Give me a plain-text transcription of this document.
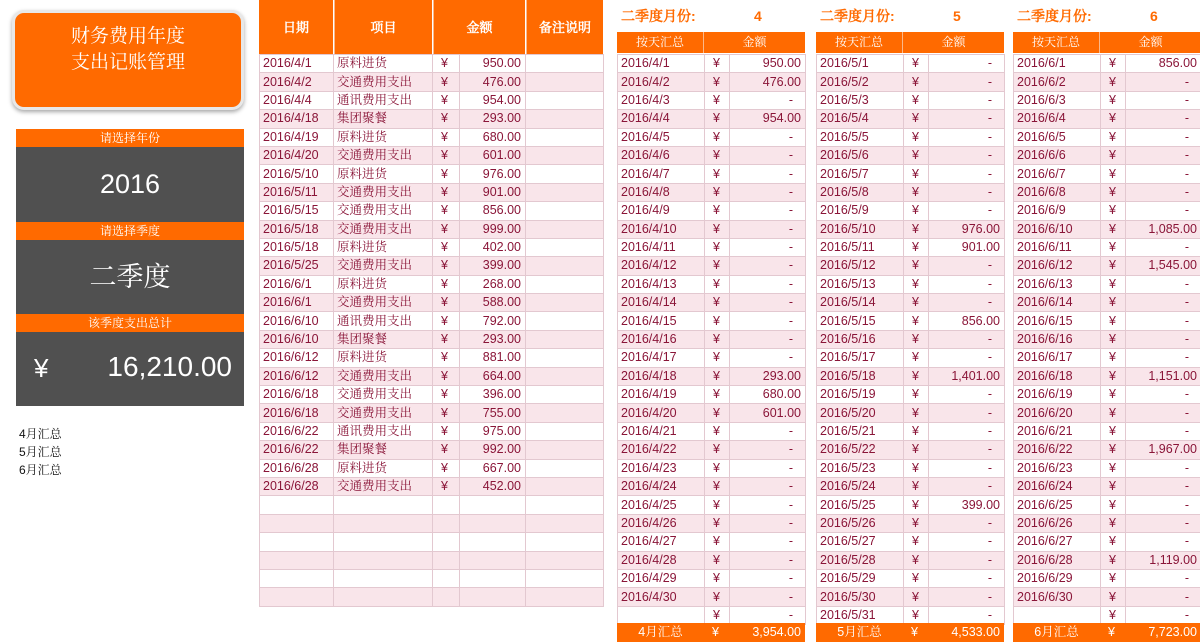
财务费用年度
支出记账管理
请选择年份
2016
请选择季度
二季度
该季度支出总计
¥ 16,210.00
4月汇总
5月汇总
6月汇总
日期	项目	金额	备注说明
2016/4/1	原料进货	¥	950.00	
2016/4/2	交通费用支出	¥	476.00	
2016/4/4	通讯费用支出	¥	954.00	
2016/4/18	集团聚餐	¥	293.00	
2016/4/19	原料进货	¥	680.00	
2016/4/20	交通费用支出	¥	601.00	
2016/5/10	原料进货	¥	976.00	
2016/5/11	交通费用支出	¥	901.00	
2016/5/15	交通费用支出	¥	856.00	
2016/5/18	交通费用支出	¥	999.00	
2016/5/18	原料进货	¥	402.00	
2016/5/25	交通费用支出	¥	399.00	
2016/6/1	原料进货	¥	268.00	
2016/6/1	交通费用支出	¥	588.00	
2016/6/10	通讯费用支出	¥	792.00	
2016/6/10	集团聚餐	¥	293.00	
2016/6/12	原料进货	¥	881.00	
2016/6/12	交通费用支出	¥	664.00	
2016/6/18	交通费用支出	¥	396.00	
2016/6/18	交通费用支出	¥	755.00	
2016/6/22	通讯费用支出	¥	975.00	
2016/6/22	集团聚餐	¥	992.00	
2016/6/28	原料进货	¥	667.00	
2016/6/28	交通费用支出	¥	452.00	

二季度月份:	4
按天汇总	金额
2016/4/1	¥	950.00
2016/4/2	¥	476.00
2016/4/3	¥	-
2016/4/4	¥	954.00
2016/4/5	¥	-
2016/4/6	¥	-
2016/4/7	¥	-
2016/4/8	¥	-
2016/4/9	¥	-
2016/4/10	¥	-
2016/4/11	¥	-
2016/4/12	¥	-
2016/4/13	¥	-
2016/4/14	¥	-
2016/4/15	¥	-
2016/4/16	¥	-
2016/4/17	¥	-
2016/4/18	¥	293.00
2016/4/19	¥	680.00
2016/4/20	¥	601.00
2016/4/21	¥	-
2016/4/22	¥	-
2016/4/23	¥	-
2016/4/24	¥	-
2016/4/25	¥	-
2016/4/26	¥	-
2016/4/27	¥	-
2016/4/28	¥	-
2016/4/29	¥	-
2016/4/30	¥	-
	¥	-
4月汇总	¥	3,954.00
二季度月份:	5
按天汇总	金额
2016/5/1	¥	-
2016/5/2	¥	-
2016/5/3	¥	-
2016/5/4	¥	-
2016/5/5	¥	-
2016/5/6	¥	-
2016/5/7	¥	-
2016/5/8	¥	-
2016/5/9	¥	-
2016/5/10	¥	976.00
2016/5/11	¥	901.00
2016/5/12	¥	-
2016/5/13	¥	-
2016/5/14	¥	-
2016/5/15	¥	856.00
2016/5/16	¥	-
2016/5/17	¥	-
2016/5/18	¥	1,401.00
2016/5/19	¥	-
2016/5/20	¥	-
2016/5/21	¥	-
2016/5/22	¥	-
2016/5/23	¥	-
2016/5/24	¥	-
2016/5/25	¥	399.00
2016/5/26	¥	-
2016/5/27	¥	-
2016/5/28	¥	-
2016/5/29	¥	-
2016/5/30	¥	-
2016/5/31	¥	-
5月汇总	¥	4,533.00
二季度月份:	6
按天汇总	金额
2016/6/1	¥	856.00
2016/6/2	¥	-
2016/6/3	¥	-
2016/6/4	¥	-
2016/6/5	¥	-
2016/6/6	¥	-
2016/6/7	¥	-
2016/6/8	¥	-
2016/6/9	¥	-
2016/6/10	¥	1,085.00
2016/6/11	¥	-
2016/6/12	¥	1,545.00
2016/6/13	¥	-
2016/6/14	¥	-
2016/6/15	¥	-
2016/6/16	¥	-
2016/6/17	¥	-
2016/6/18	¥	1,151.00
2016/6/19	¥	-
2016/6/20	¥	-
2016/6/21	¥	-
2016/6/22	¥	1,967.00
2016/6/23	¥	-
2016/6/24	¥	-
2016/6/25	¥	-
2016/6/26	¥	-
2016/6/27	¥	-
2016/6/28	¥	1,119.00
2016/6/29	¥	-
2016/6/30	¥	-
	¥	-
6月汇总	¥	7,723.00
